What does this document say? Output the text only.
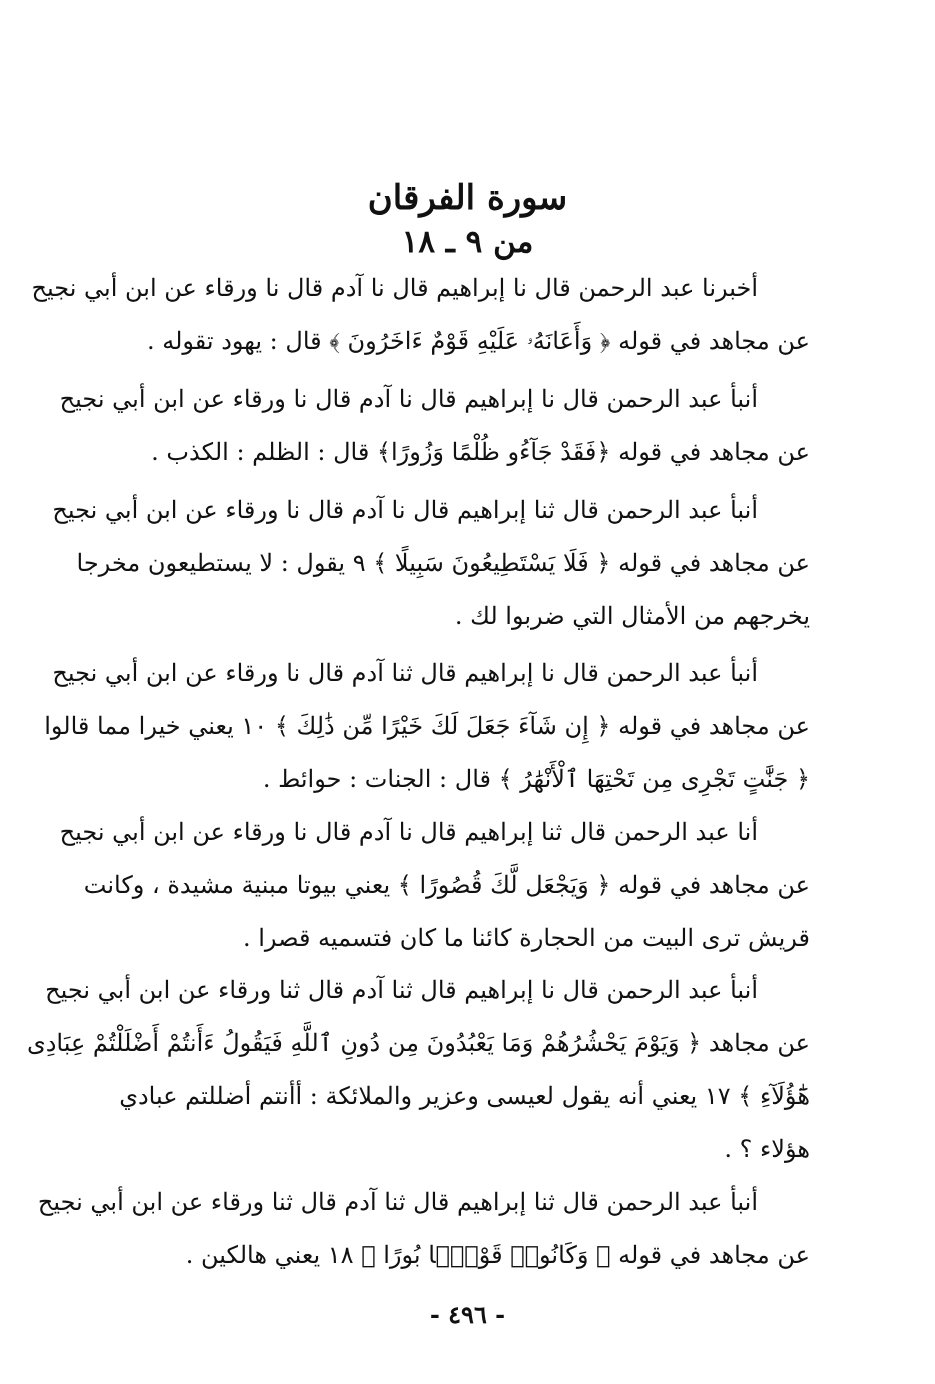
سورة الفرقان
من ٩ ـ ١٨
أخبرنا عبد الرحمن قال نا إبراهيم قال نا آدم قال نا ورقاء عن ابن أبي نجيح
عن مجاهد في قوله ﴿ وَأَعَانَهُۥ عَلَيْهِ قَوْمٌ ءَاخَرُونَ ﴾ قال : يهود تقوله .
أنبأ عبد الرحمن قال نا إبراهيم قال نا آدم قال نا ورقاء عن ابن أبي نجيح
عن مجاهد في قوله ﴿فَقَدْ جَآءُو ظُلْمًا وَزُورًا﴾ قال : الظلم : الكذب .
أنبأ عبد الرحمن قال ثنا إبراهيم قال نا آدم قال نا ورقاء عن ابن أبي نجيح
عن مجاهد في قوله ﴿ فَلَا يَسْتَطِيعُونَ سَبِيلًا ﴾ ٩ يقول : لا يستطيعون مخرجا
يخرجهم من الأمثال التي ضربوا لك .
أنبأ عبد الرحمن قال نا إبراهيم قال ثنا آدم قال نا ورقاء عن ابن أبي نجيح
عن مجاهد في قوله ﴿ إِن شَآءَ جَعَلَ لَكَ خَيْرًا مِّن ذَٰلِكَ ﴾ ١٠ يعني خيرا مما قالوا
﴿ جَنَّٰتٍ تَجْرِى مِن تَحْتِهَا ٱلْأَنْهَٰرُ ﴾ قال : الجنات : حوائط .
أنا عبد الرحمن قال ثنا إبراهيم قال نا آدم قال نا ورقاء عن ابن أبي نجيح
عن مجاهد في قوله ﴿ وَيَجْعَل لَّكَ قُصُورًا ﴾ يعني بيوتا مبنية مشيدة ، وكانت
قريش ترى البيت من الحجارة كائنا ما كان فتسميه قصرا .
أنبأ عبد الرحمن قال نا إبراهيم قال ثنا آدم قال ثنا ورقاء عن ابن أبي نجيح
عن مجاهد ﴿ وَيَوْمَ يَحْشُرُهُمْ وَمَا يَعْبُدُونَ مِن دُونِ ٱللَّهِ فَيَقُولُ ءَأَنتُمْ أَضْلَلْتُمْ عِبَادِى
هَٰٓؤُلَآءِ ﴾ ١٧ يعني أنه يقول لعيسى وعزير والملائكة : أأنتم أضللتم عبادي
هؤلاء ؟ .
أنبأ عبد الرحمن قال ثنا إبراهيم قال ثنا آدم قال ثنا ورقاء عن ابن أبي نجيح
عن مجاهد في قوله ﴿ وَكَانُوا۟ قَوْمًۢا بُورًا ﴾ ١٨ يعني هالكين .
- ٤٩٦ -
